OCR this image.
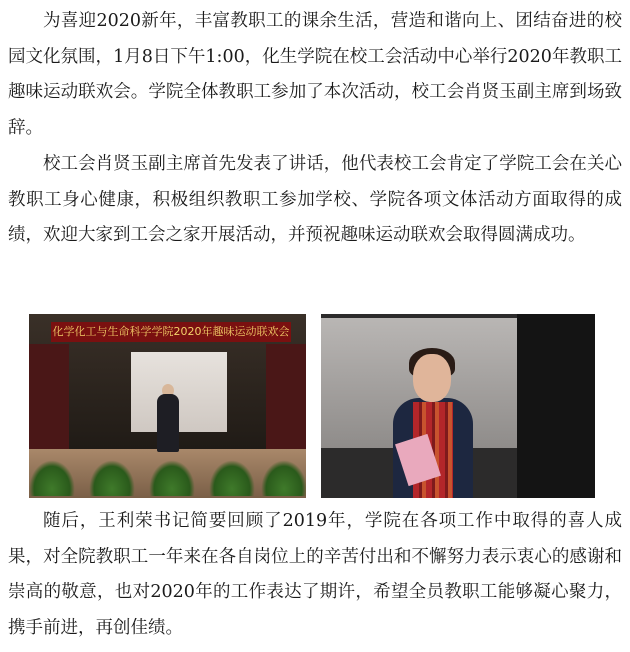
为喜迎2020新年，丰富教职工的课余生活，营造和谐向上、团结奋进的校园文化氛围，1月8日下午1:00，化生学院在校工会活动中心举行2020年教职工趣味运动联欢会。学院全体教职工参加了本次活动，校工会肖贤玉副主席到场致辞。

校工会肖贤玉副主席首先发表了讲话，他代表校工会肯定了学院工会在关心教职工身心健康，积极组织教职工参加学校、学院各项文体活动方面取得的成绩，欢迎大家到工会之家开展活动，并预祝趣味运动联欢会取得圆满成功。

化学化工与生命科学学院2020年趣味运动联欢会

随后，王利荣书记简要回顾了2019年，学院在各项工作中取得的喜人成果，对全院教职工一年来在各自岗位上的辛苦付出和不懈努力表示衷心的感谢和崇高的敬意，也对2020年的工作表达了期许，希望全员教职工能够凝心聚力，携手前进，再创佳绩。
